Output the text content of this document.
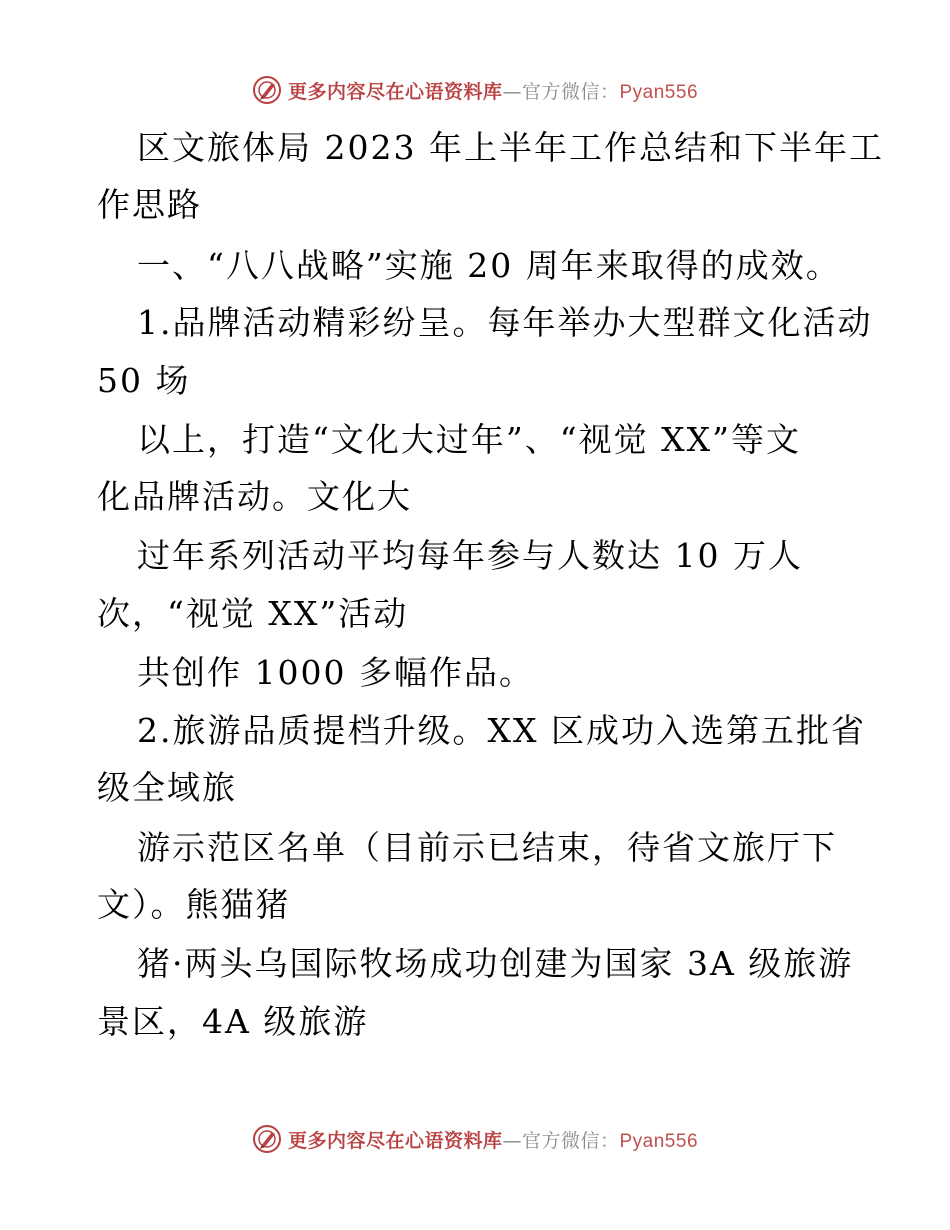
更多内容尽在心语资料库—官方微信：Pyan556
区文旅体局 2023 年上半年工作总结和下半年工
作思路
一、“八八战略”实施 20 周年来取得的成效。
1.品牌活动精彩纷呈。每年举办大型群文化活动
50 场
以上，打造“文化大过年”、“视觉 XX”等文
化品牌活动。文化大
过年系列活动平均每年参与人数达 10 万人
次，“视觉 XX”活动
共创作 1000 多幅作品。
2.旅游品质提档升级。XX 区成功入选第五批省
级全域旅
游示范区名单（目前示已结束，待省文旅厅下
文）。熊猫猪
猪·两头乌国际牧场成功创建为国家 3A 级旅游
景区，4A 级旅游
更多内容尽在心语资料库—官方微信：Pyan556
